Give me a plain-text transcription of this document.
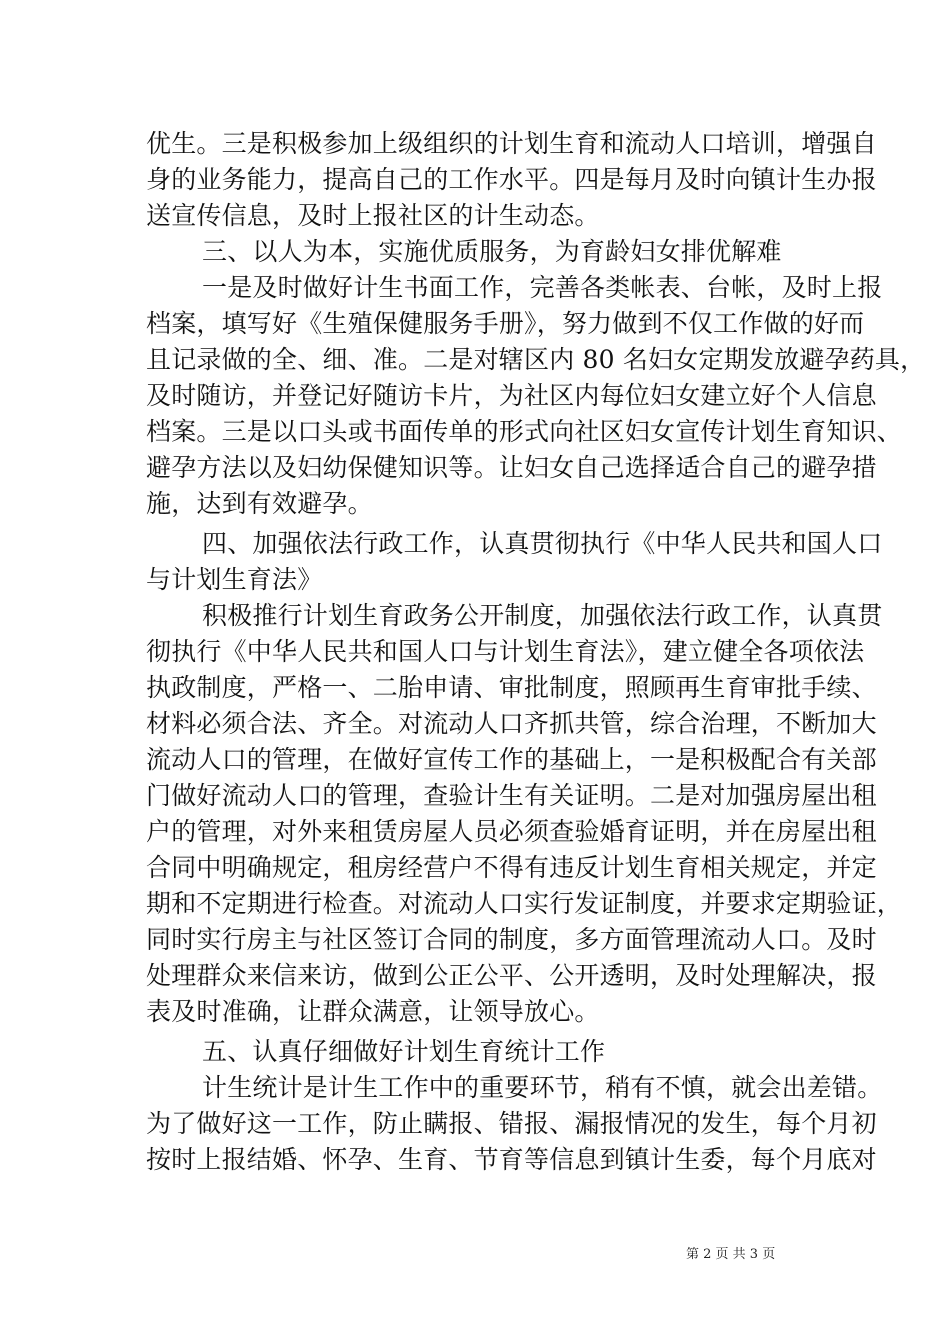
优生。三是积极参加上级组织的计划生育和流动人口培训，增强自
身的业务能力，提高自己的工作水平。四是每月及时向镇计生办报
送宣传信息，及时上报社区的计生动态。
三、以人为本，实施优质服务，为育龄妇女排优解难
一是及时做好计生书面工作，完善各类帐表、台帐，及时上报
档案，填写好《生殖保健服务手册》，努力做到不仅工作做的好而
且记录做的全、细、准。二是对辖区内 80 名妇女定期发放避孕药具，
及时随访，并登记好随访卡片，为社区内每位妇女建立好个人信息
档案。三是以口头或书面传单的形式向社区妇女宣传计划生育知识、
避孕方法以及妇幼保健知识等。让妇女自己选择适合自己的避孕措
施，达到有效避孕。
四、加强依法行政工作，认真贯彻执行《中华人民共和国人口
与计划生育法》
积极推行计划生育政务公开制度，加强依法行政工作，认真贯
彻执行《中华人民共和国人口与计划生育法》，建立健全各项依法
执政制度，严格一、二胎申请、审批制度，照顾再生育审批手续、
材料必须合法、齐全。对流动人口齐抓共管，综合治理，不断加大
流动人口的管理，在做好宣传工作的基础上，一是积极配合有关部
门做好流动人口的管理，查验计生有关证明。二是对加强房屋出租
户的管理，对外来租赁房屋人员必须查验婚育证明，并在房屋出租
合同中明确规定，租房经营户不得有违反计划生育相关规定，并定
期和不定期进行检查。对流动人口实行发证制度，并要求定期验证，
同时实行房主与社区签订合同的制度，多方面管理流动人口。及时
处理群众来信来访，做到公正公平、公开透明，及时处理解决，报
表及时准确，让群众满意，让领导放心。
五、认真仔细做好计划生育统计工作
计生统计是计生工作中的重要环节，稍有不慎，就会出差错。
为了做好这一工作，防止瞒报、错报、漏报情况的发生，每个月初
按时上报结婚、怀孕、生育、节育等信息到镇计生委，每个月底对
第 2 页 共 3 页
